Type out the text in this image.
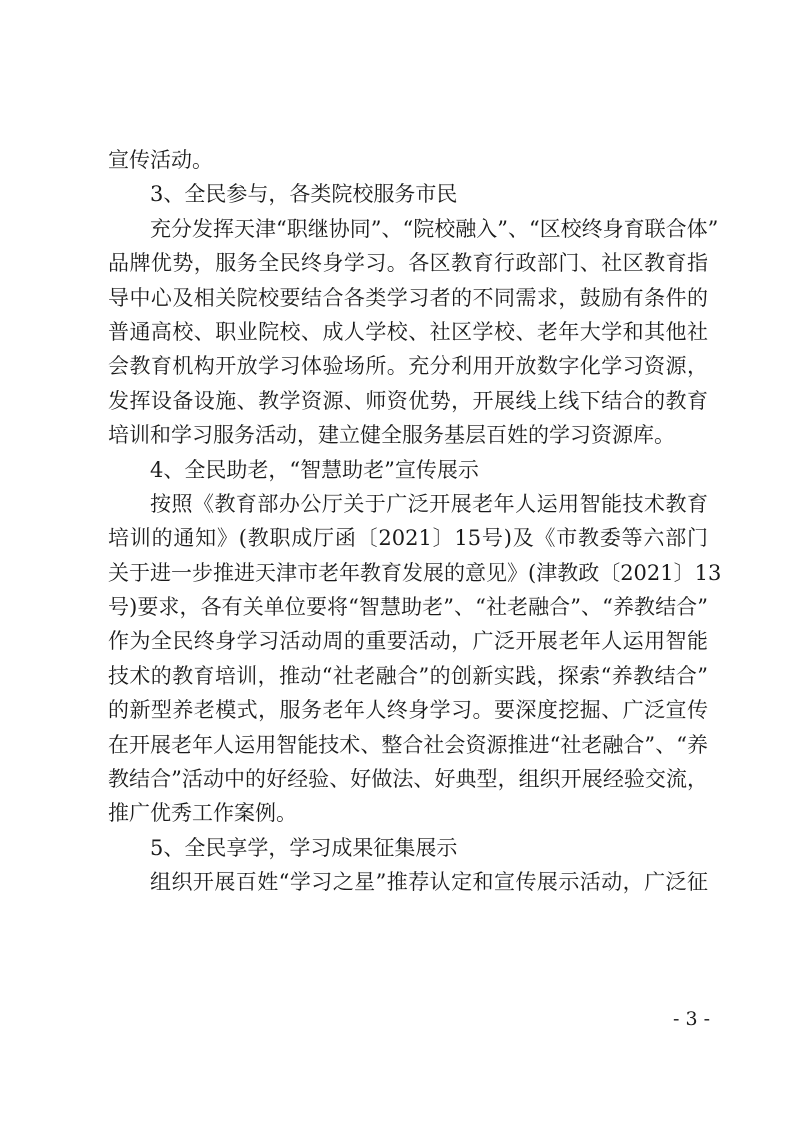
宣传活动。
3、全民参与，各类院校服务市民
充分发挥天津“职继协同”、“院校融入”、“区校终身育联合体”
品牌优势，服务全民终身学习。各区教育行政部门、社区教育指
导中心及相关院校要结合各类学习者的不同需求，鼓励有条件的
普通高校、职业院校、成人学校、社区学校、老年大学和其他社
会教育机构开放学习体验场所。充分利用开放数字化学习资源，
发挥设备设施、教学资源、师资优势，开展线上线下结合的教育
培训和学习服务活动，建立健全服务基层百姓的学习资源库。
4、全民助老，“智慧助老”宣传展示
按照《教育部办公厅关于广泛开展老年人运用智能技术教育
培训的通知》(教职成厅函〔2021〕15号)及《市教委等六部门
关于进一步推进天津市老年教育发展的意见》(津教政〔2021〕13
号)要求，各有关单位要将“智慧助老”、“社老融合”、“养教结合”
作为全民终身学习活动周的重要活动，广泛开展老年人运用智能
技术的教育培训，推动“社老融合”的创新实践，探索“养教结合”
的新型养老模式，服务老年人终身学习。要深度挖掘、广泛宣传
在开展老年人运用智能技术、整合社会资源推进“社老融合”、“养
教结合”活动中的好经验、好做法、好典型，组织开展经验交流，
推广优秀工作案例。
5、全民享学，学习成果征集展示
组织开展百姓“学习之星”推荐认定和宣传展示活动，广泛征
- 3 -
